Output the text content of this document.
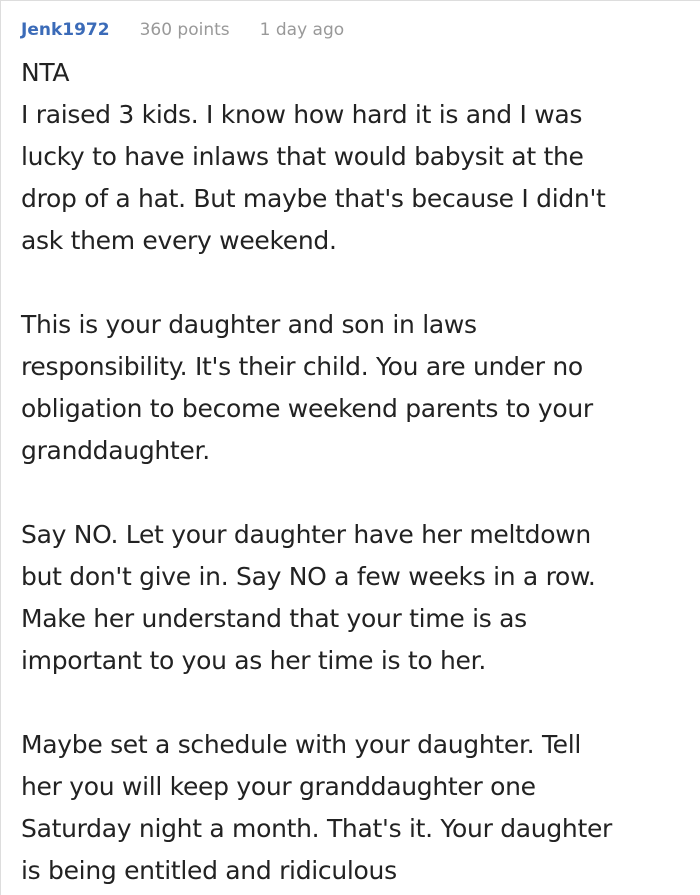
Jenk1972 360 points 1 day ago
NTA
I raised 3 kids. I know how hard it is and I was
lucky to have inlaws that would babysit at the
drop of a hat. But maybe that's because I didn't
ask them every weekend.
This is your daughter and son in laws
responsibility. It's their child. You are under no
obligation to become weekend parents to your
granddaughter.
Say NO. Let your daughter have her meltdown
but don't give in. Say NO a few weeks in a row.
Make her understand that your time is as
important to you as her time is to her.
Maybe set a schedule with your daughter. Tell
her you will keep your granddaughter one
Saturday night a month. That's it. Your daughter
is being entitled and ridiculous
